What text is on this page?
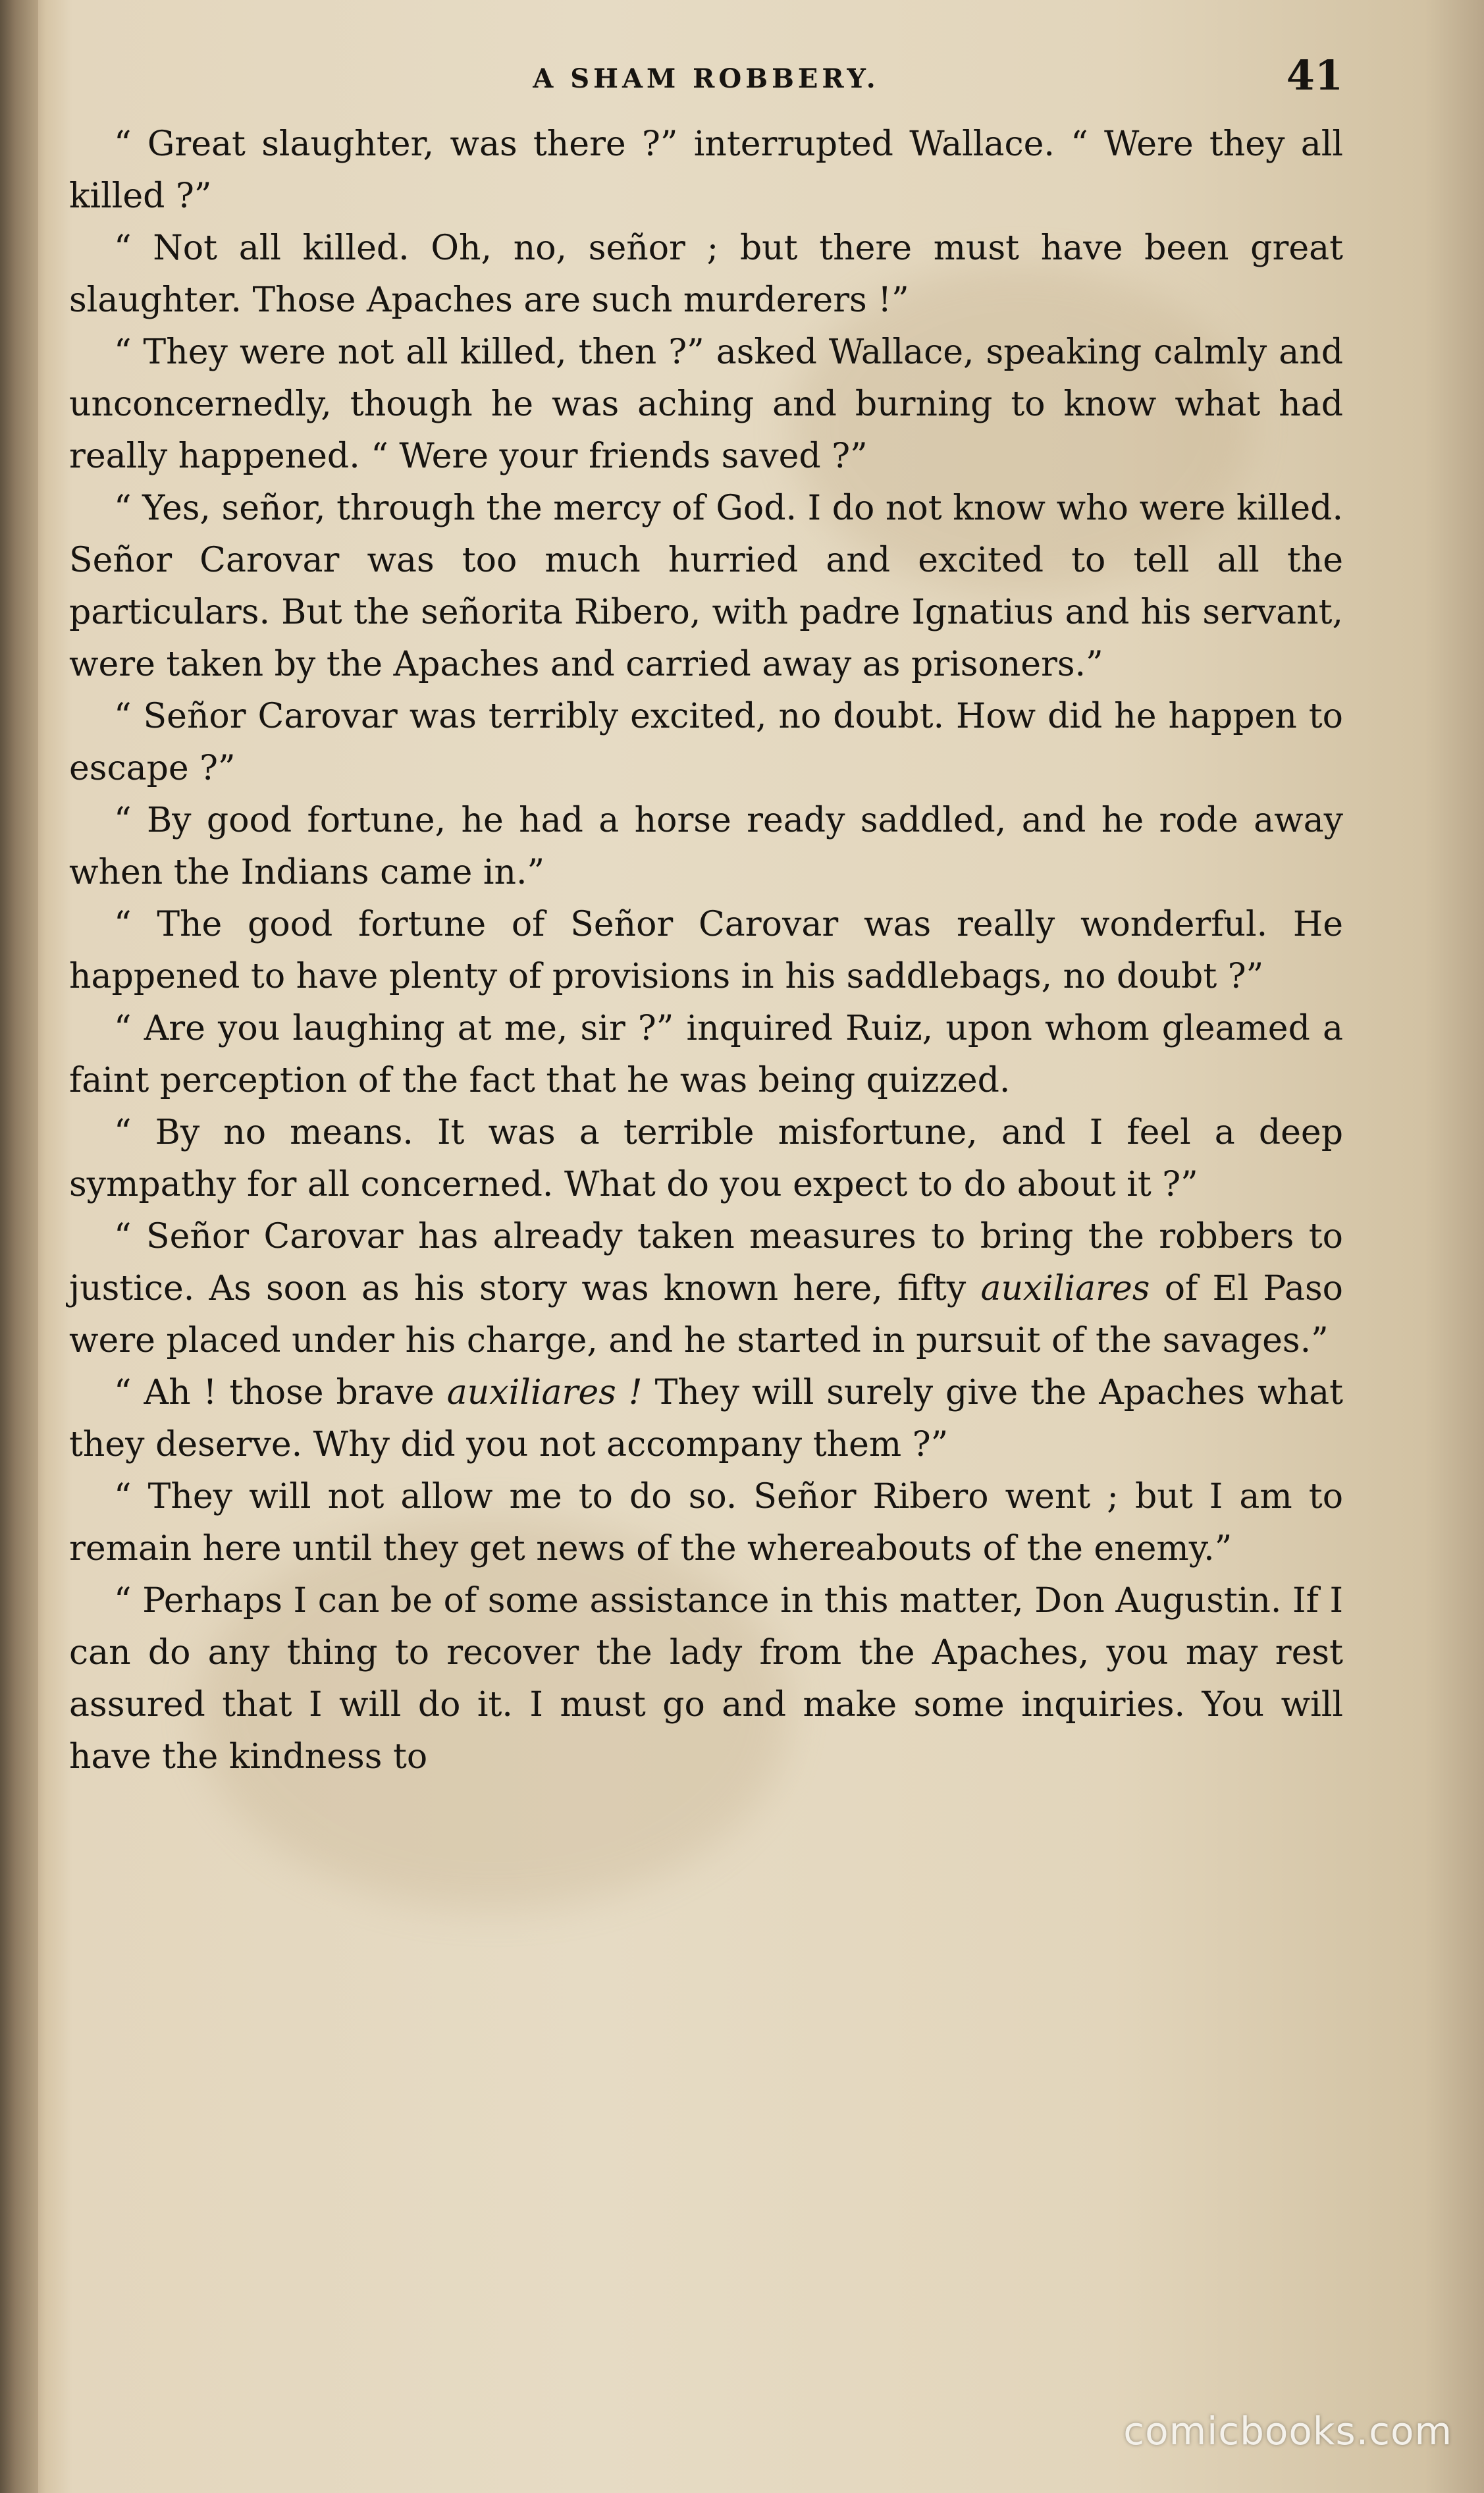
A SHAM ROBBERY.	41

“ Great slaughter, was there ?” interrupted Wallace. “ Were they all killed ?”

“ Not all killed. Oh, no, señor ; but there must have been great slaughter. Those Apaches are such murderers !”

“ They were not all killed, then ?” asked Wallace, speaking calmly and unconcernedly, though he was aching and burning to know what had really happened. “ Were your friends saved ?”

“ Yes, señor, through the mercy of God. I do not know who were killed. Señor Carovar was too much hurried and excited to tell all the particulars. But the señorita Ribero, with padre Ignatius and his servant, were taken by the Apaches and carried away as prisoners.”

“ Señor Carovar was terribly excited, no doubt. How did he happen to escape ?”

“ By good fortune, he had a horse ready saddled, and he rode away when the Indians came in.”

“ The good fortune of Señor Carovar was really wonderful. He happened to have plenty of provisions in his saddlebags, no doubt ?”

“ Are you laughing at me, sir ?” inquired Ruiz, upon whom gleamed a faint perception of the fact that he was being quizzed.

“ By no means. It was a terrible misfortune, and I feel a deep sympathy for all concerned. What do you expect to do about it ?”

“ Señor Carovar has already taken measures to bring the robbers to justice. As soon as his story was known here, fifty auxiliares of El Paso were placed under his charge, and he started in pursuit of the savages.”

“ Ah ! those brave auxiliares ! They will surely give the Apaches what they deserve. Why did you not accompany them ?”

“ They will not allow me to do so. Señor Ribero went ; but I am to remain here until they get news of the whereabouts of the enemy.”

“ Perhaps I can be of some assistance in this matter, Don Augustin. If I can do any thing to recover the lady from the Apaches, you may rest assured that I will do it. I must go and make some inquiries. You will have the kindness to

comicbooks.com
